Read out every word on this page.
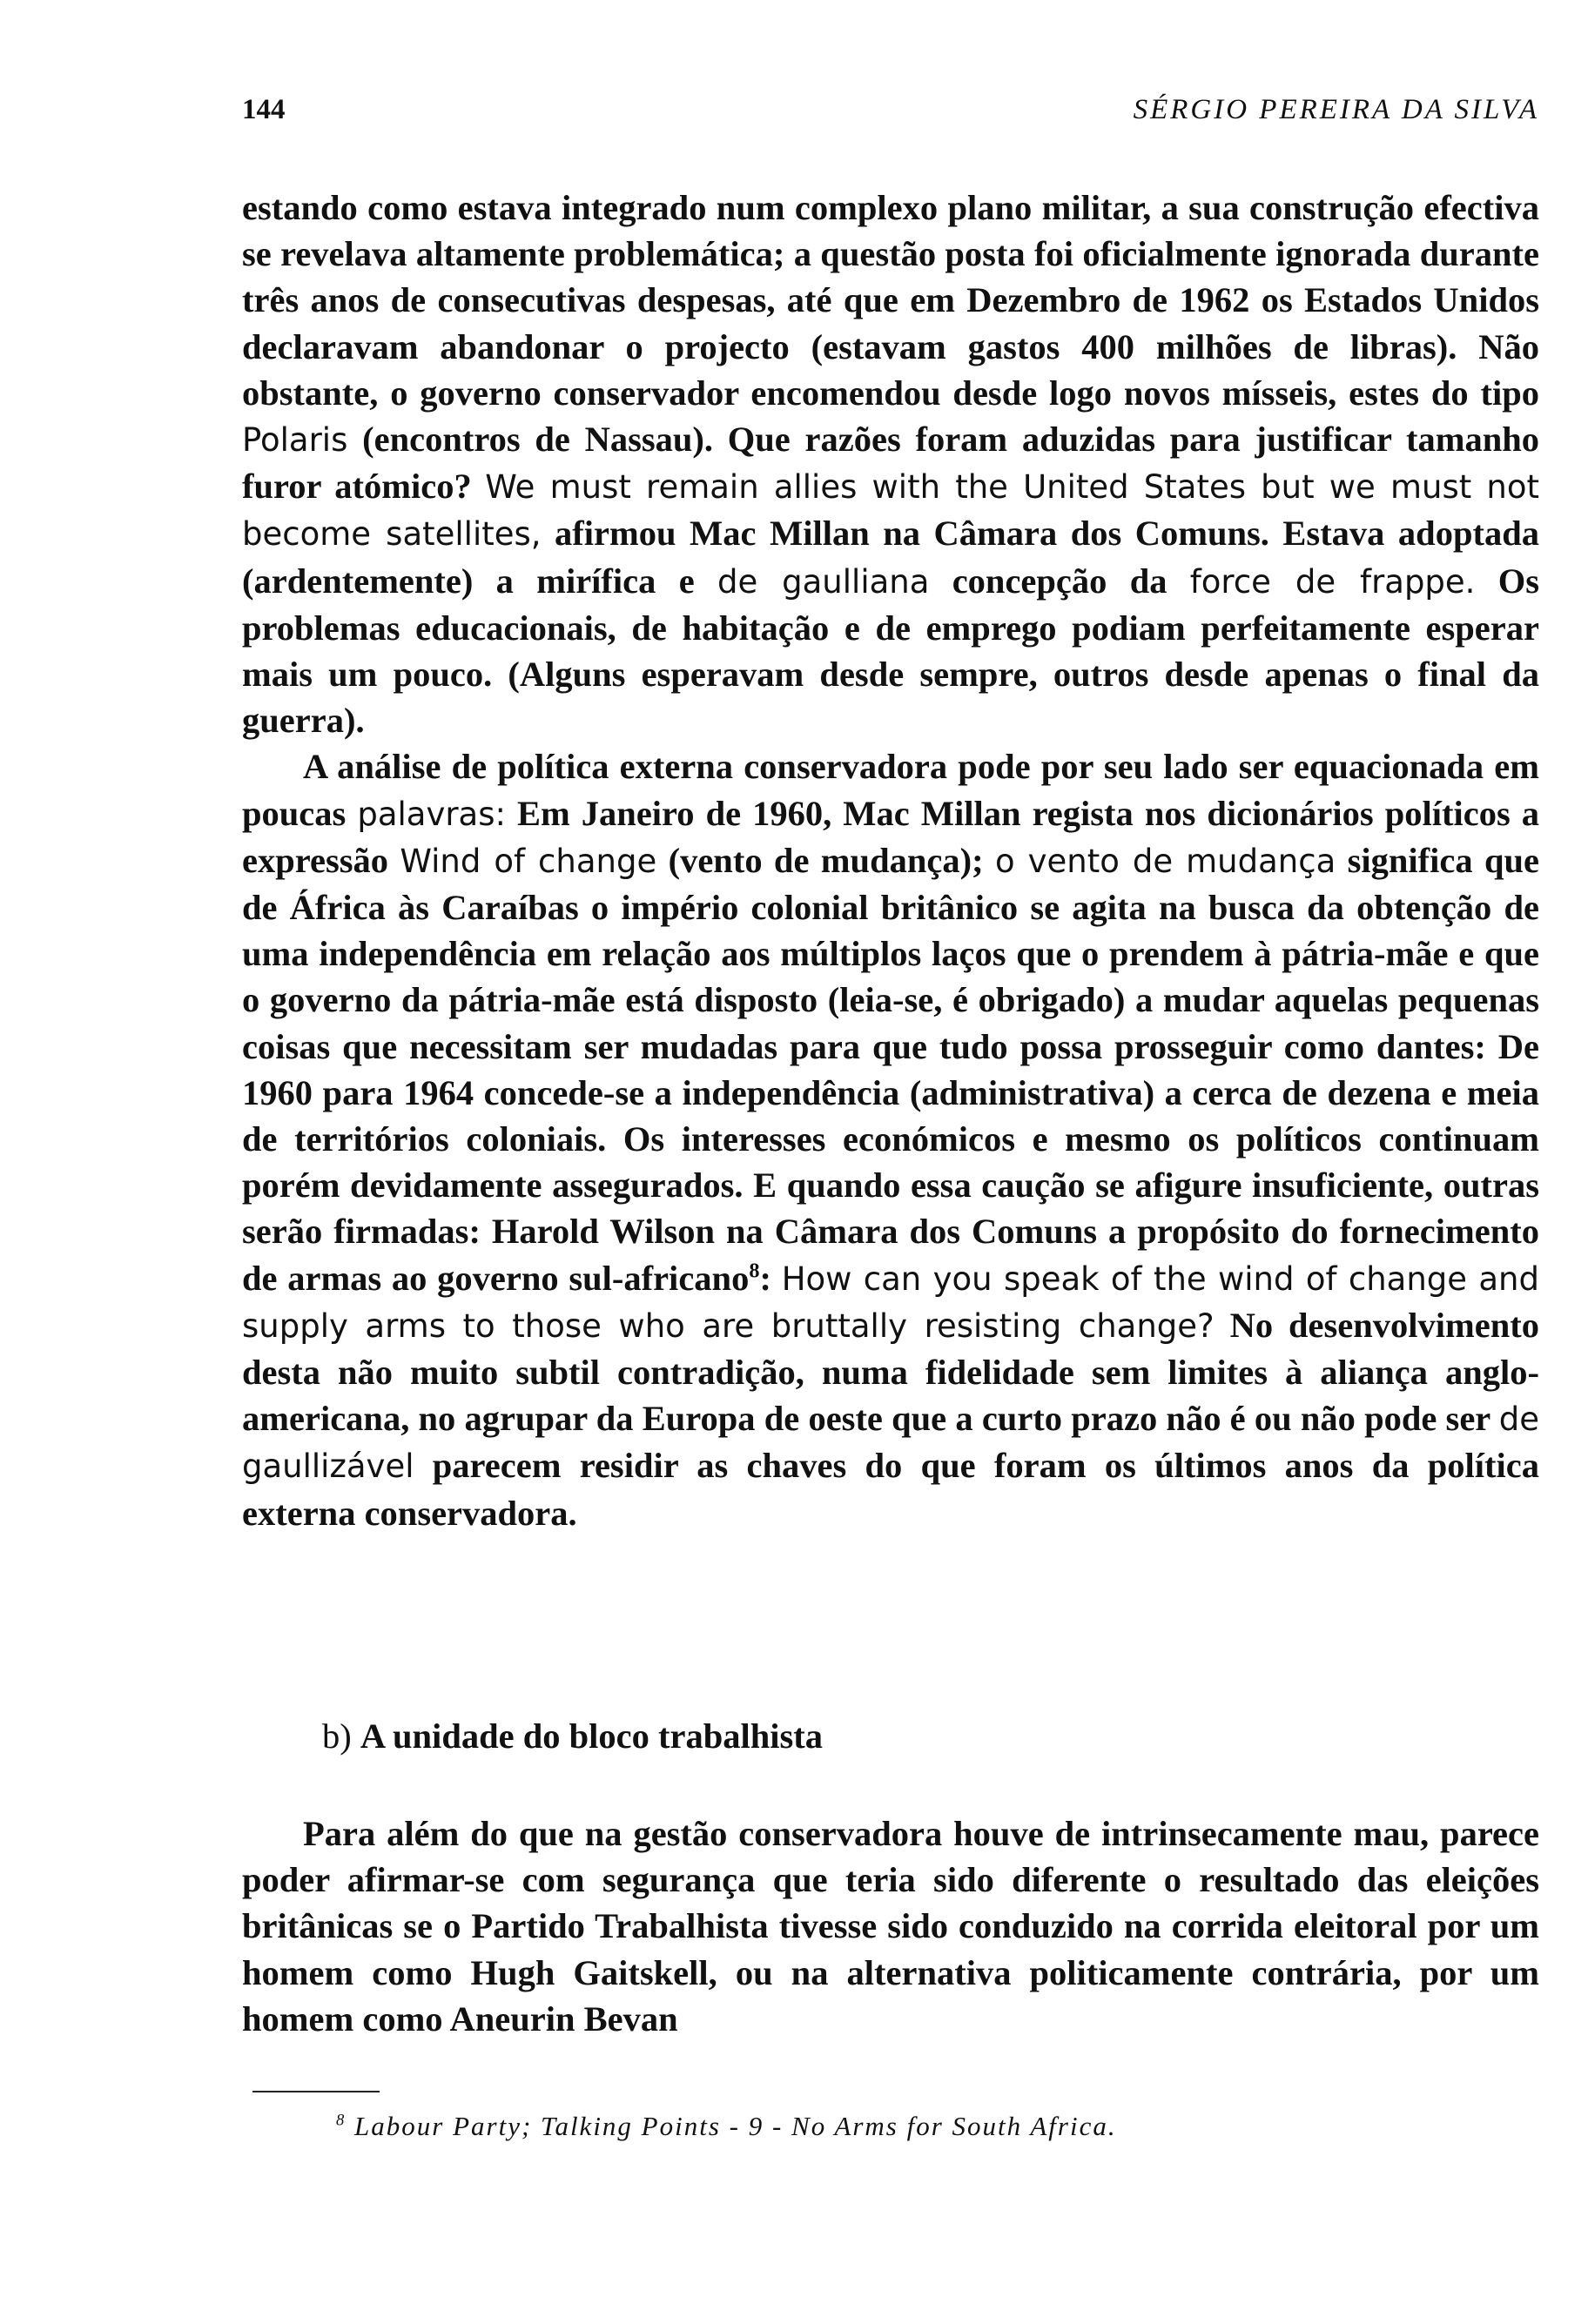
144	SÉRGIO PEREIRA DA SILVA

estando como estava integrado num complexo plano militar, a sua construção efectiva se revelava altamente problemática; a questão posta foi oficialmente ignorada durante três anos de consecutivas despesas, até que em Dezembro de 1962 os Estados Unidos declaravam abandonar o projecto (estavam gastos 400 milhões de libras). Não obstante, o governo conservador encomendou desde logo novos mísseis, estes do tipo Polaris (encontros de Nassau). Que razões foram aduzidas para justificar tamanho furor atómico? We must remain allies with the United States but we must not become satellites, afirmou Mac Millan na Câmara dos Comuns. Estava adoptada (ardentemente) a mirífica e de gaulliana concepção da force de frappe. Os problemas educacionais, de habitação e de emprego podiam perfeitamente esperar mais um pouco. (Alguns esperavam desde sempre, outros desde apenas o final da guerra).

A análise de política externa conservadora pode por seu lado ser equacionada em poucas palavras: Em Janeiro de 1960, Mac Millan regista nos dicionários políticos a expressão Wind of change (vento de mudança); o vento de mudança significa que de África às Caraíbas o império colonial britânico se agita na busca da obtenção de uma independência em relação aos múltiplos laços que o prendem à pátria-mãe e que o governo da pátria-mãe está disposto (leia-se, é obrigado) a mudar aquelas pequenas coisas que necessitam ser mudadas para que tudo possa prosseguir como dantes: De 1960 para 1964 concede-se a independência (administrativa) a cerca de dezena e meia de territórios coloniais. Os interesses económicos e mesmo os políticos continuam porém devidamente assegurados. E quando essa caução se afigure insuficiente, outras serão firmadas: Harold Wilson na Câmara dos Comuns a propósito do fornecimento de armas ao governo sul-africano$^8$: How can you speak of the wind of change and supply arms to those who are bruttally resisting change? No desenvolvimento desta não muito subtil contradição, numa fidelidade sem limites à aliança anglo-americana, no agrupar da Europa de oeste que a curto prazo não é ou não pode ser de gaullizável parecem residir as chaves do que foram os últimos anos da política externa conservadora.

b) A unidade do bloco trabalhista
Para além do que na gestão conservadora houve de intrinsecamente mau, parece poder afirmar-se com segurança que teria sido diferente o resultado das eleições britânicas se o Partido Trabalhista tivesse sido conduzido na corrida eleitoral por um homem como Hugh Gaitskell, ou na alternativa politicamente contrária, por um homem como Aneurin Bevan
$^8$ Labour Party; Talking Points - 9 - No Arms for South Africa.
